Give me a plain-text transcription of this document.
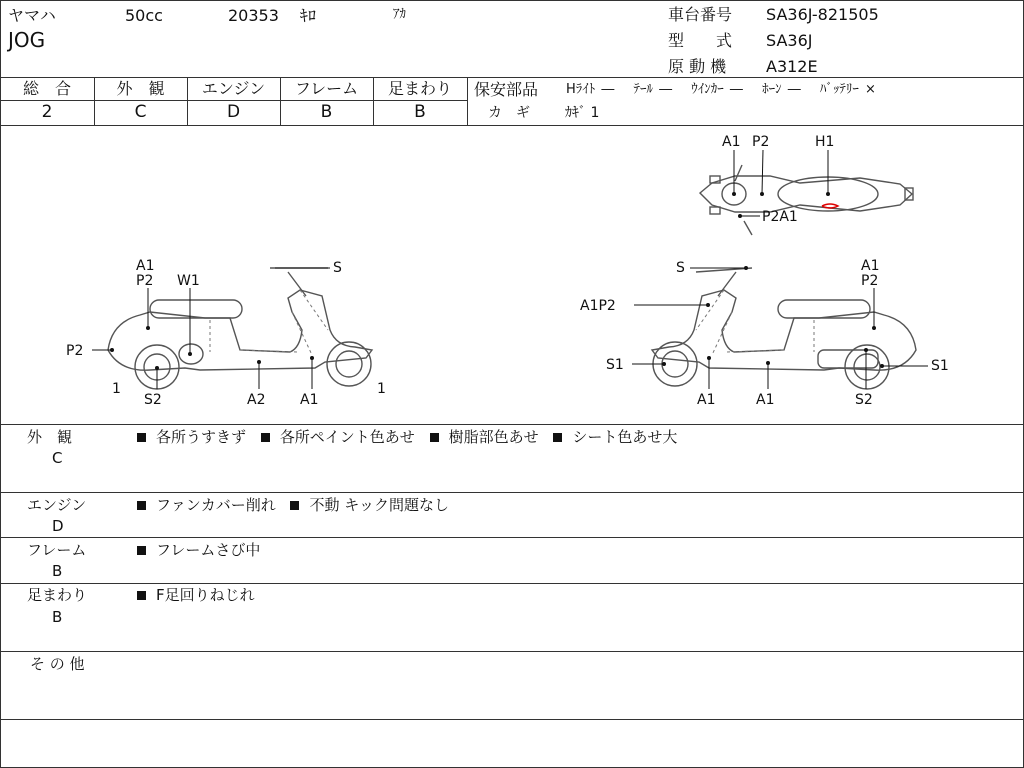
ヤマハ	50cc	20353 ｷﾛ	ｱｶ
JOG
車台番号 SA36J-821505
型　　式 SA36J
原 動 機 A312E
総　合
2
外　観
C
エンジン
D
フレーム
B
足まわり
B
保安部品 Hﾗｲﾄ ―　 ﾃｰﾙ ―　 ｳｲﾝｶｰ ―　 ﾎｰﾝ ―　 ﾊﾞｯﾃﾘｰ ×
カ　ギ	ｶｷﾞ 1
A1 P2	H1
P2A1
A1
P2 W1
S
P2
1
S2	A2 A1
1
S	A1
P2
A1P2
S1	S1
A1	A1	S2
外　観
C
各所うすきず 各所ペイント色あせ 樹脂部色あせ シート色あせ大
エンジン
D
ファンカバー削れ 不動 キック問題なし
フレーム
B
フレームさび中
足まわり
B
F足回りねじれ
そ の 他
